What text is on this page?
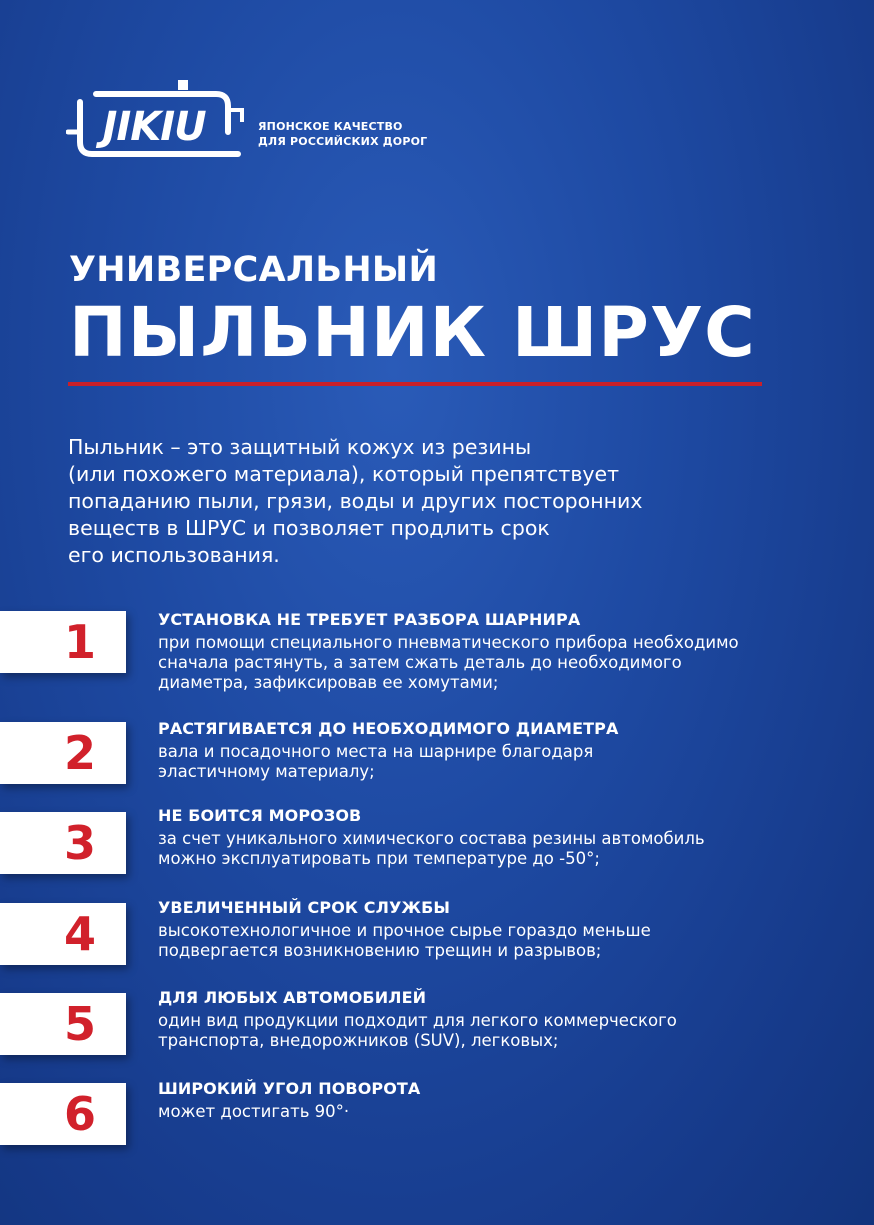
JIKIU	ЯПОНСКОЕ КАЧЕСТВО
ДЛЯ РОССИЙСКИХ ДОРОГ
УНИВЕРСАЛЬНЫЙ
ПЫЛЬНИК ШРУС
Пыльник – это защитный кожух из резины
(или похожего материала), который препятствует
попаданию пыли, грязи, воды и других посторонних
веществ в ШРУС и позволяет продлить срок
его использования.
1	УСТАНОВКА НЕ ТРЕБУЕТ РАЗБОРА ШАРНИРА
при помощи специального пневматического прибора необходимо
сначала растянуть, а затем сжать деталь до необходимого
диаметра, зафиксировав ее хомутами;
2	РАСТЯГИВАЕТСЯ ДО НЕОБХОДИМОГО ДИАМЕТРА
вала и посадочного места на шарнире благодаря
эластичному материалу;
3
НЕ БОИТСЯ МОРОЗОВ
за счет уникального химического состава резины автомобиль
можно эксплуатировать при температуре до -50°;
4	УВЕЛИЧЕННЫЙ СРОК СЛУЖБЫ
высокотехнологичное и прочное сырье гораздо меньше
подвергается возникновению трещин и разрывов;
5	ДЛЯ ЛЮБЫХ АВТОМОБИЛЕЙ
один вид продукции подходит для легкого коммерческого
транспорта, внедорожников (SUV), легковых;
6	ШИРОКИЙ УГОЛ ПОВОРОТА
может достигать 90°·
